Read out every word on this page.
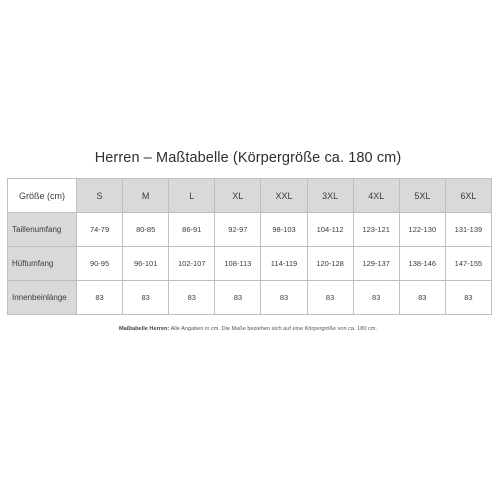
Herren – Maßtabelle (Körpergröße ca. 180 cm)
Größe (cm)	S	M	L	XL	XXL	3XL	4XL	5XL	6XL
Taillenumfang	74-79	80-85	86-91	92-97	98-103	104-112	123-121	122-130	131-139
Hüftumfang	90-95	96-101	102-107	108-113	114-119	120-128	129-137	138-146	147-155
Innenbeinlänge	83	83	83	83	83	83	83	83	83
Maßtabelle Herren: Alle Angaben in cm. Die Maße beziehen sich auf eine Körpergröße von ca. 180 cm.
